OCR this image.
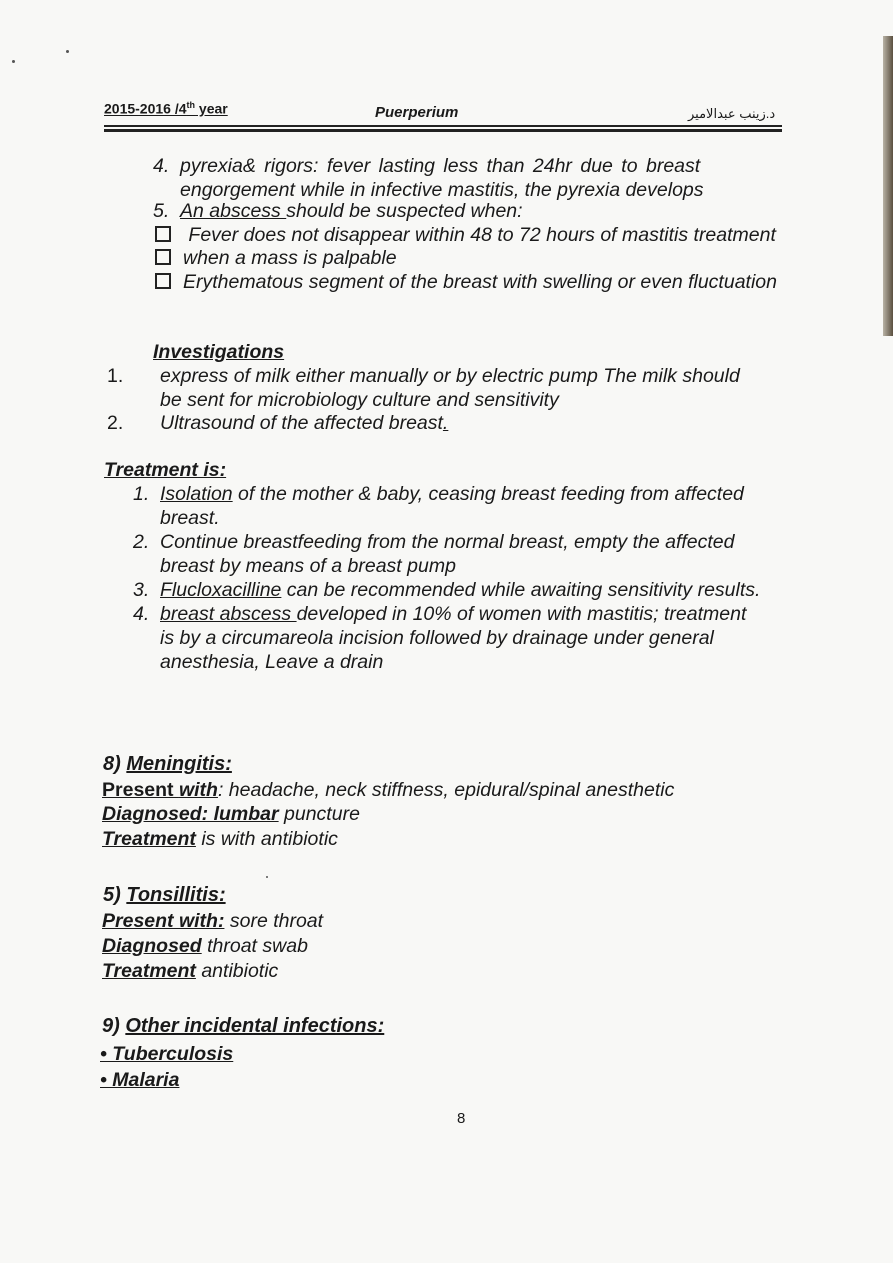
2015-2016 /4th year	Puerperium	د.زينب عبدالامير
4. pyrexia& rigors: fever lasting less than 24hr due to breast
engorgement while in infective mastitis, the pyrexia develops
5. An abscess should be suspected when:
Fever does not disappear within 48 to 72 hours of mastitis treatment
when a mass is palpable
Erythematous segment of the breast with swelling or even fluctuation
Investigations
1. express of milk either manually or by electric pump The milk should
be sent for microbiology culture and sensitivity
2. Ultrasound of the affected breast.
Treatment is:
1. Isolation of the mother & baby, ceasing breast feeding from affected
breast.
2. Continue breastfeeding from the normal breast, empty the affected
breast by means of a breast pump
3. Flucloxacilline can be recommended while awaiting sensitivity results.
4. breast abscess developed in 10% of women with mastitis; treatment
is by a circumareola incision followed by drainage under general
anesthesia, Leave a drain
8) Meningitis:
Present with: headache, neck stiffness, epidural/spinal anesthetic
Diagnosed: lumbar puncture
Treatment is with antibiotic
5) Tonsillitis:
Present with: sore throat
Diagnosed throat swab
Treatment antibiotic
9) Other incidental infections:
• Tuberculosis
• Malaria
8
